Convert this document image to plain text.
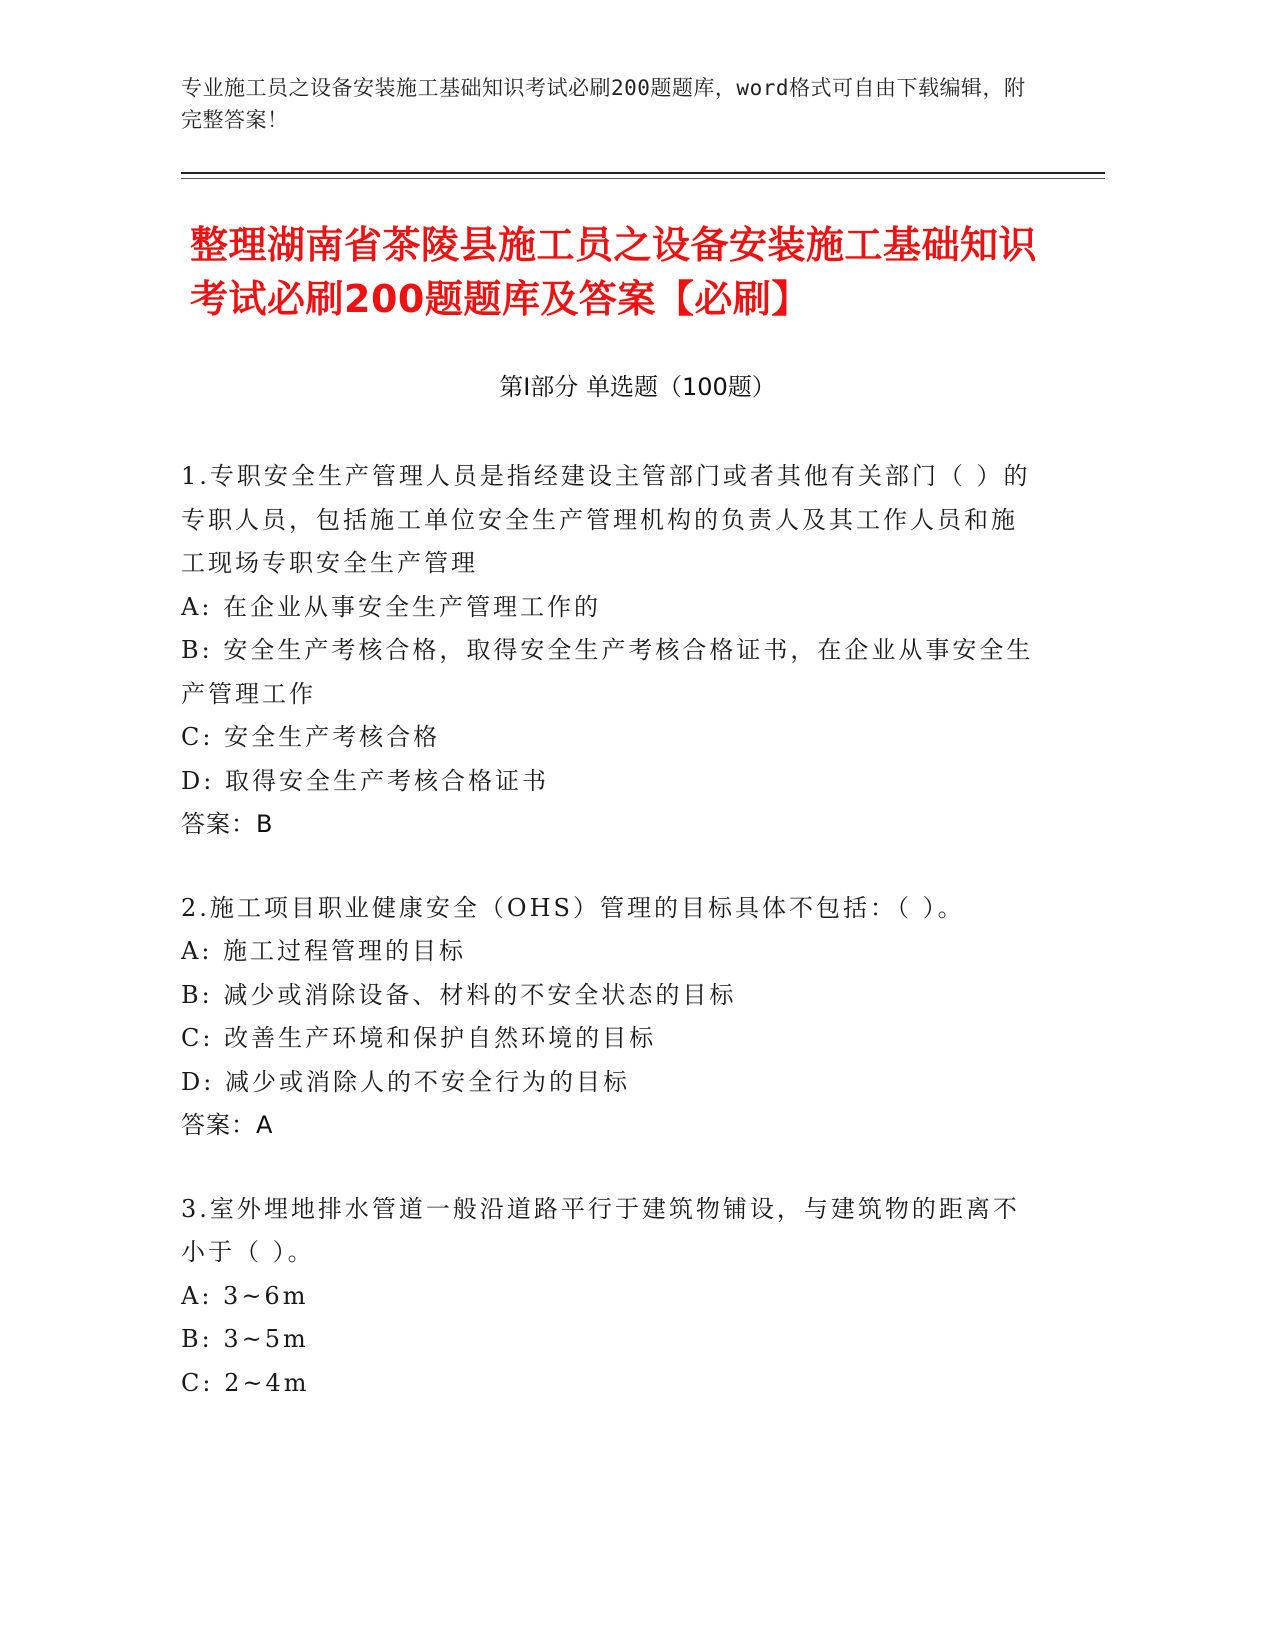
专业施工员之设备安装施工基础知识考试必刷200题题库，word格式可自由下载编辑，附完整答案！
整理湖南省茶陵县施工员之设备安装施工基础知识考试必刷200题题库及答案【必刷】
第Ⅰ部分 单选题（100题）
1.专职安全生产管理人员是指经建设主管部门或者其他有关部门（ ）的专职人员，包括施工单位安全生产管理机构的负责人及其工作人员和施工现场专职安全生产管理
A: 在企业从事安全生产管理工作的
B: 安全生产考核合格，取得安全生产考核合格证书，在企业从事安全生产管理工作
C: 安全生产考核合格
D: 取得安全生产考核合格证书
答案：B
2.施工项目职业健康安全（OHS）管理的目标具体不包括：（ ）。
A: 施工过程管理的目标
B: 减少或消除设备、材料的不安全状态的目标
C: 改善生产环境和保护自然环境的目标
D: 减少或消除人的不安全行为的目标
答案：A
3.室外埋地排水管道一般沿道路平行于建筑物铺设，与建筑物的距离不小于（ ）。
A: 3~6m
B: 3~5m
C: 2~4m
